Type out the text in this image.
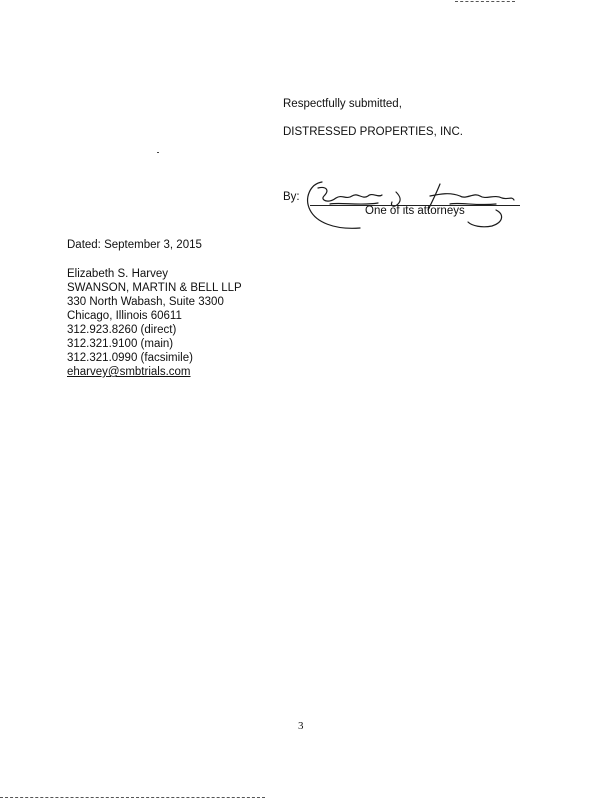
Respectfully submitted,
DISTRESSED PROPERTIES, INC.
By:
One of its attorneys
Dated: September 3, 2015
Elizabeth S. Harvey
SWANSON, MARTIN & BELL LLP
330 North Wabash, Suite 3300
Chicago, Illinois 60611
312.923.8260 (direct)
312.321.9100 (main)
312.321.0990 (facsimile)
eharvey@smbtrials.com
3
